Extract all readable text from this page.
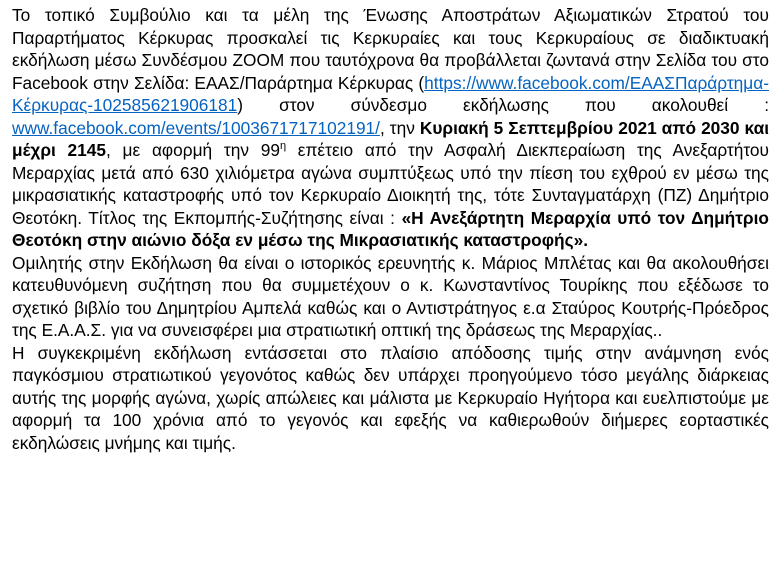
Το τοπικό Συμβούλιο και τα μέλη της Ένωσης Αποστράτων Αξιωματικών Στρατού του Παραρτήματος Κέρκυρας προσκαλεί τις Κερκυραίες και τους Κερκυραίους σε διαδικτυακή εκδήλωση μέσω Συνδέσμου ZOOM που ταυτόχρονα θα προβάλλεται ζωντανά στην Σελίδα του στο Facebook στην Σελίδα: ΕΑΑΣ/Παράρτημα Κέρκυρας (https://www.facebook.com/ΕΑΑΣΠαράρτημα-Κέρκυρας-102585621906181) στον σύνδεσμο εκδήλωσης που ακολουθεί : www.facebook.com/events/1003671717102191/, την Κυριακή 5 Σεπτεμβρίου 2021 από 2030 και μέχρι 2145, με αφορμή την $99^\eta$ επέτειο από την Ασφαλή Διεκπεραίωση της Ανεξαρτήτου Μεραρχίας μετά από 630 χιλιόμετρα αγώνα συμπτύξεως υπό την πίεση του εχθρού εν μέσω της μικρασιατικής καταστροφής υπό τον Κερκυραίο Διοικητή της, τότε Συνταγματάρχη (ΠΖ) Δημήτριο Θεοτόκη. Τίτλος της Εκπομπής-Συζήτησης είναι : «Η Ανεξάρτητη Μεραρχία υπό τον Δημήτριο Θεοτόκη στην αιώνιο δόξα εν μέσω της Μικρασιατικής καταστροφής».

Ομιλητής στην Εκδήλωση θα είναι ο ιστορικός ερευνητής κ. Μάριος Μπλέτας και θα ακολουθήσει κατευθυνόμενη συζήτηση που θα συμμετέχουν ο κ. Κωνσταντίνος Τουρίκης που εξέδωσε το σχετικό βιβλίο του Δημητρίου Αμπελά καθώς και ο Αντιστράτηγος ε.α Σταύρος Κουτρής-Πρόεδρος της Ε.Α.Α.Σ. για να συνεισφέρει μια στρατιωτική οπτική της δράσεως της Μεραρχίας..

Η συγκεκριμένη εκδήλωση εντάσσεται στο πλαίσιο απόδοσης τιμής στην ανάμνηση ενός παγκόσμιου στρατιωτικού γεγονότος καθώς δεν υπάρχει προηγούμενο τόσο μεγάλης διάρκειας αυτής της μορφής αγώνα, χωρίς απώλειες και μάλιστα με Κερκυραίο Ηγήτορα και ευελπιστούμε με αφορμή τα 100 χρόνια από το γεγονός και εφεξής να καθιερωθούν διήμερες εορταστικές εκδηλώσεις μνήμης και τιμής.
